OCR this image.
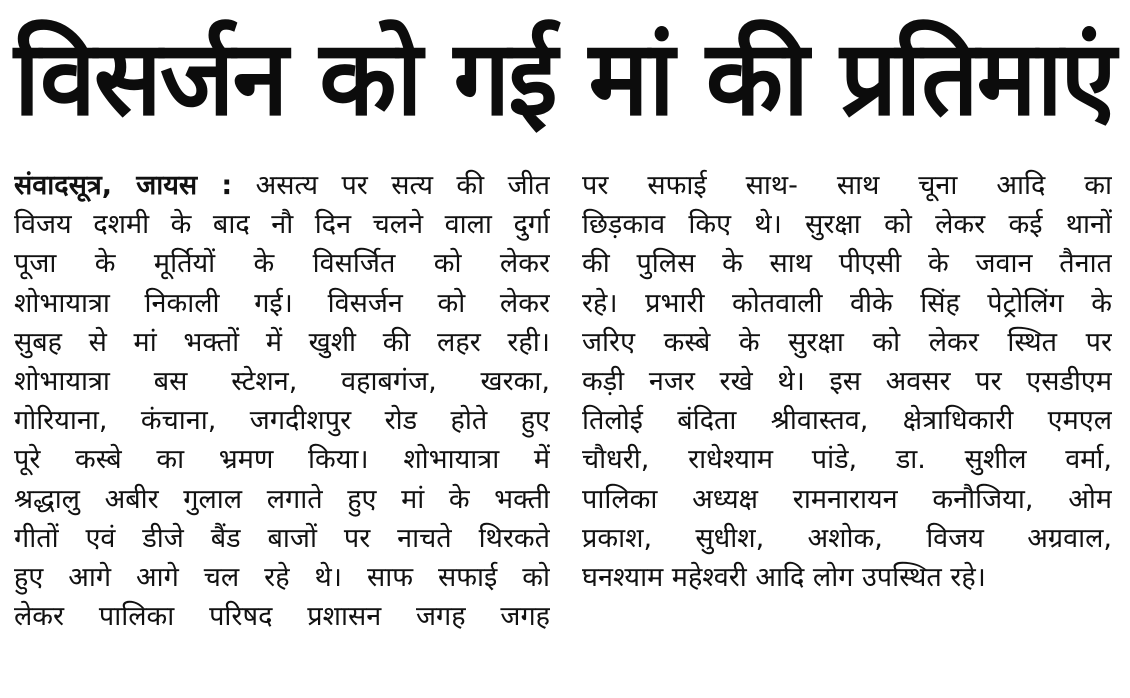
विसर्जन को गई मां की प्रतिमाएं
संवादसूत्र, जायस : असत्य पर सत्य की जीत
विजय दशमी के बाद नौ दिन चलने वाला दुर्गा
पूजा के मूर्तियों के विसर्जित को लेकर
शोभायात्रा निकाली गई। विसर्जन को लेकर
सुबह से मां भक्तों में खुशी की लहर रही।
शोभायात्रा बस स्टेशन, वहाबगंज, खरका,
गोरियाना, कंचाना, जगदीशपुर रोड होते हुए
पूरे कस्बे का भ्रमण किया। शोभायात्रा में
श्रद्धालु अबीर गुलाल लगाते हुए मां के भक्ती
गीतों एवं डीजे बैंड बाजों पर नाचते थिरकते
हुए आगे आगे चल रहे थे। साफ सफाई को
लेकर पालिका परिषद प्रशासन जगह जगह
पर सफाई साथ- साथ चूना आदि का
छिड़काव किए थे। सुरक्षा को लेकर कई थानों
की पुलिस के साथ पीएसी के जवान तैनात
रहे। प्रभारी कोतवाली वीके सिंह पेट्रोलिंग के
जरिए कस्बे के सुरक्षा को लेकर स्थित पर
कड़ी नजर रखे थे। इस अवसर पर एसडीएम
तिलोई बंदिता श्रीवास्तव, क्षेत्राधिकारी एमएल
चौधरी, राधेश्याम पांडे, डा. सुशील वर्मा,
पालिका अध्यक्ष रामनारायन कनौजिया, ओम
प्रकाश, सुधीश, अशोक, विजय अग्रवाल,
घनश्याम महेश्वरी आदि लोग उपस्थित रहे।
